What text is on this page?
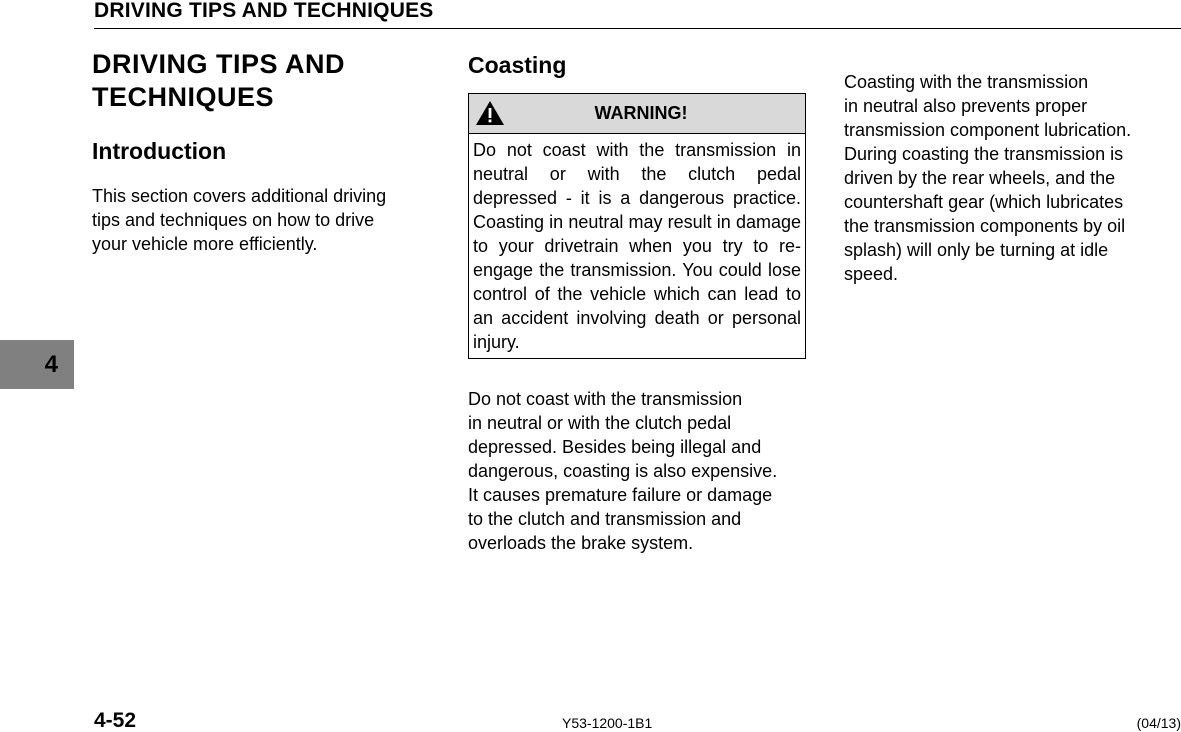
DRIVING TIPS AND TECHNIQUES
4
DRIVING TIPS AND
TECHNIQUES
Introduction

This section covers additional driving
tips and techniques on how to drive
your vehicle more efficiently.

Coasting
WARNING!
Do not coast with the transmission in neutral or with the clutch pedal depressed - it is a dangerous practice. Coasting in neutral may result in damage to your drivetrain when you try to re-engage the transmission. You could lose control of the vehicle which can lead to an accident involving death or personal injury.

Do not coast with the transmission
in neutral or with the clutch pedal
depressed. Besides being illegal and
dangerous, coasting is also expensive.
It causes premature failure or damage
to the clutch and transmission and
overloads the brake system.

Coasting with the transmission
in neutral also prevents proper
transmission component lubrication.
During coasting the transmission is
driven by the rear wheels, and the
countershaft gear (which lubricates
the transmission components by oil
splash) will only be turning at idle
speed.

4-52	Y53-1200-1B1	(04/13)
